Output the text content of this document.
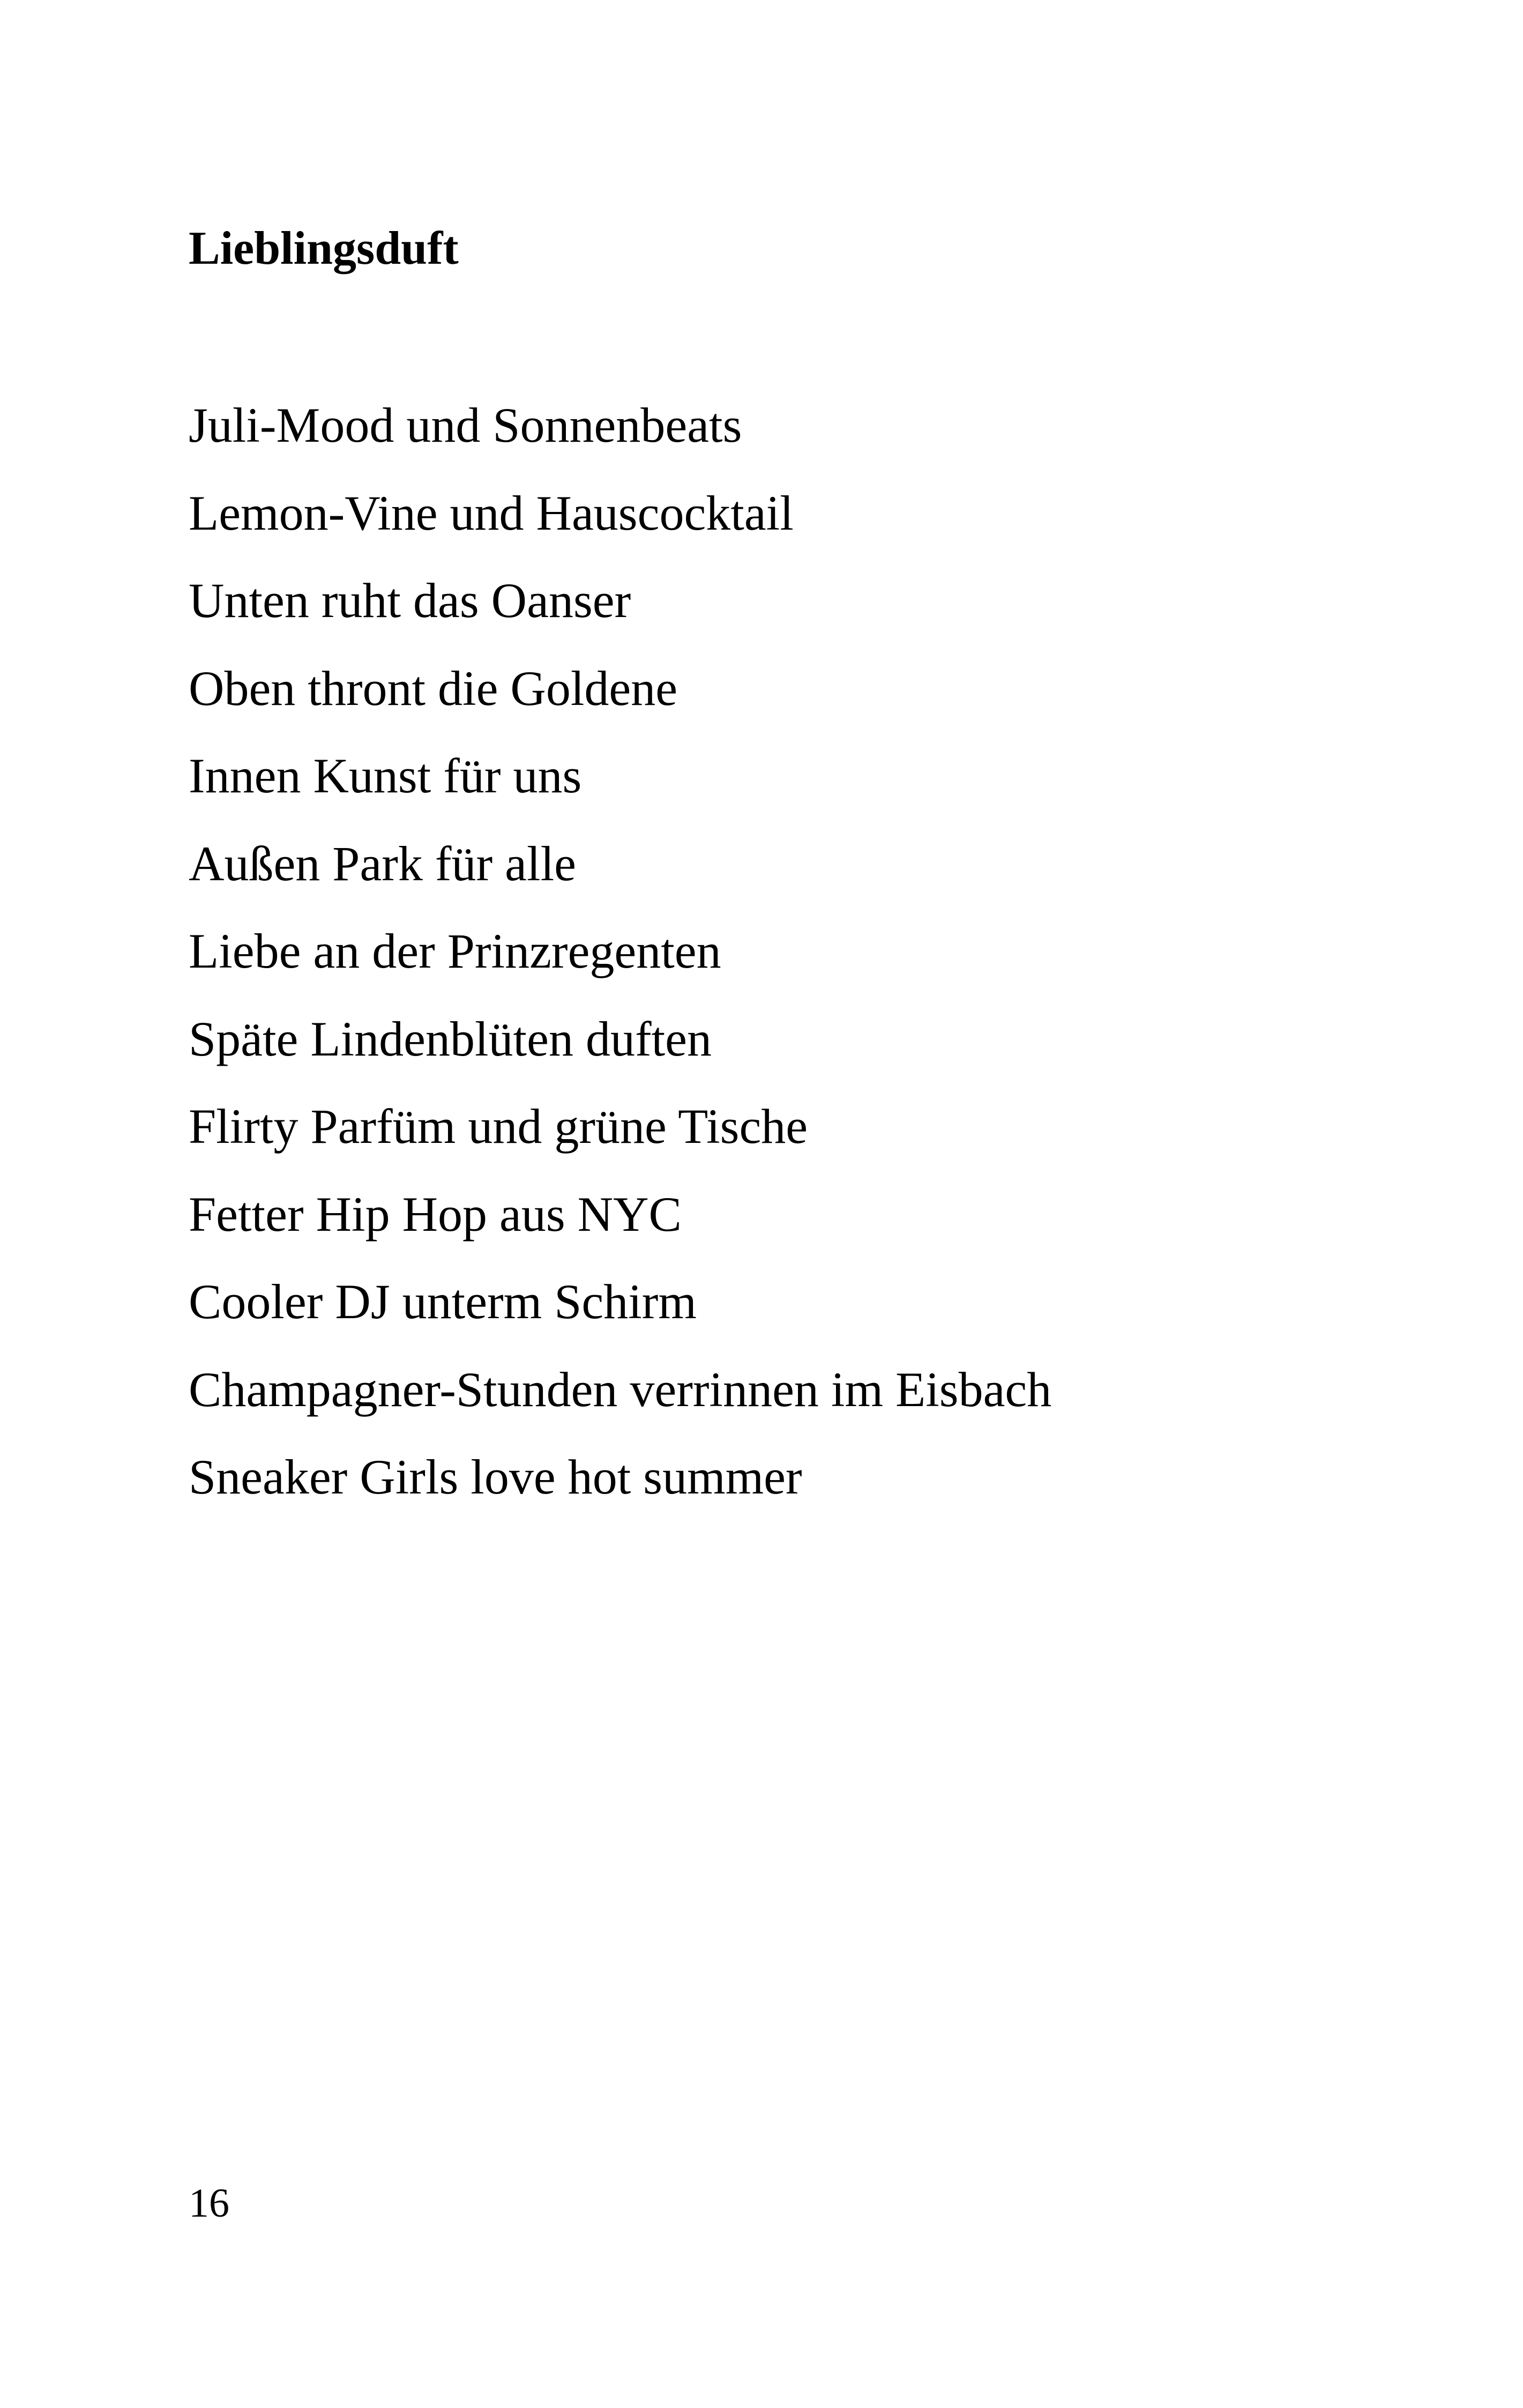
Lieblingsduft
Juli-Mood und Sonnenbeats
Lemon-Vine und Hauscocktail
Unten ruht das Oanser
Oben thront die Goldene
Innen Kunst für uns
Außen Park für alle
Liebe an der Prinzregenten
Späte Lindenblüten duften
Flirty Parfüm und grüne Tische
Fetter Hip Hop aus NYC
Cooler DJ unterm Schirm
Champagner-Stunden verrinnen im Eisbach
Sneaker Girls love hot summer
16
